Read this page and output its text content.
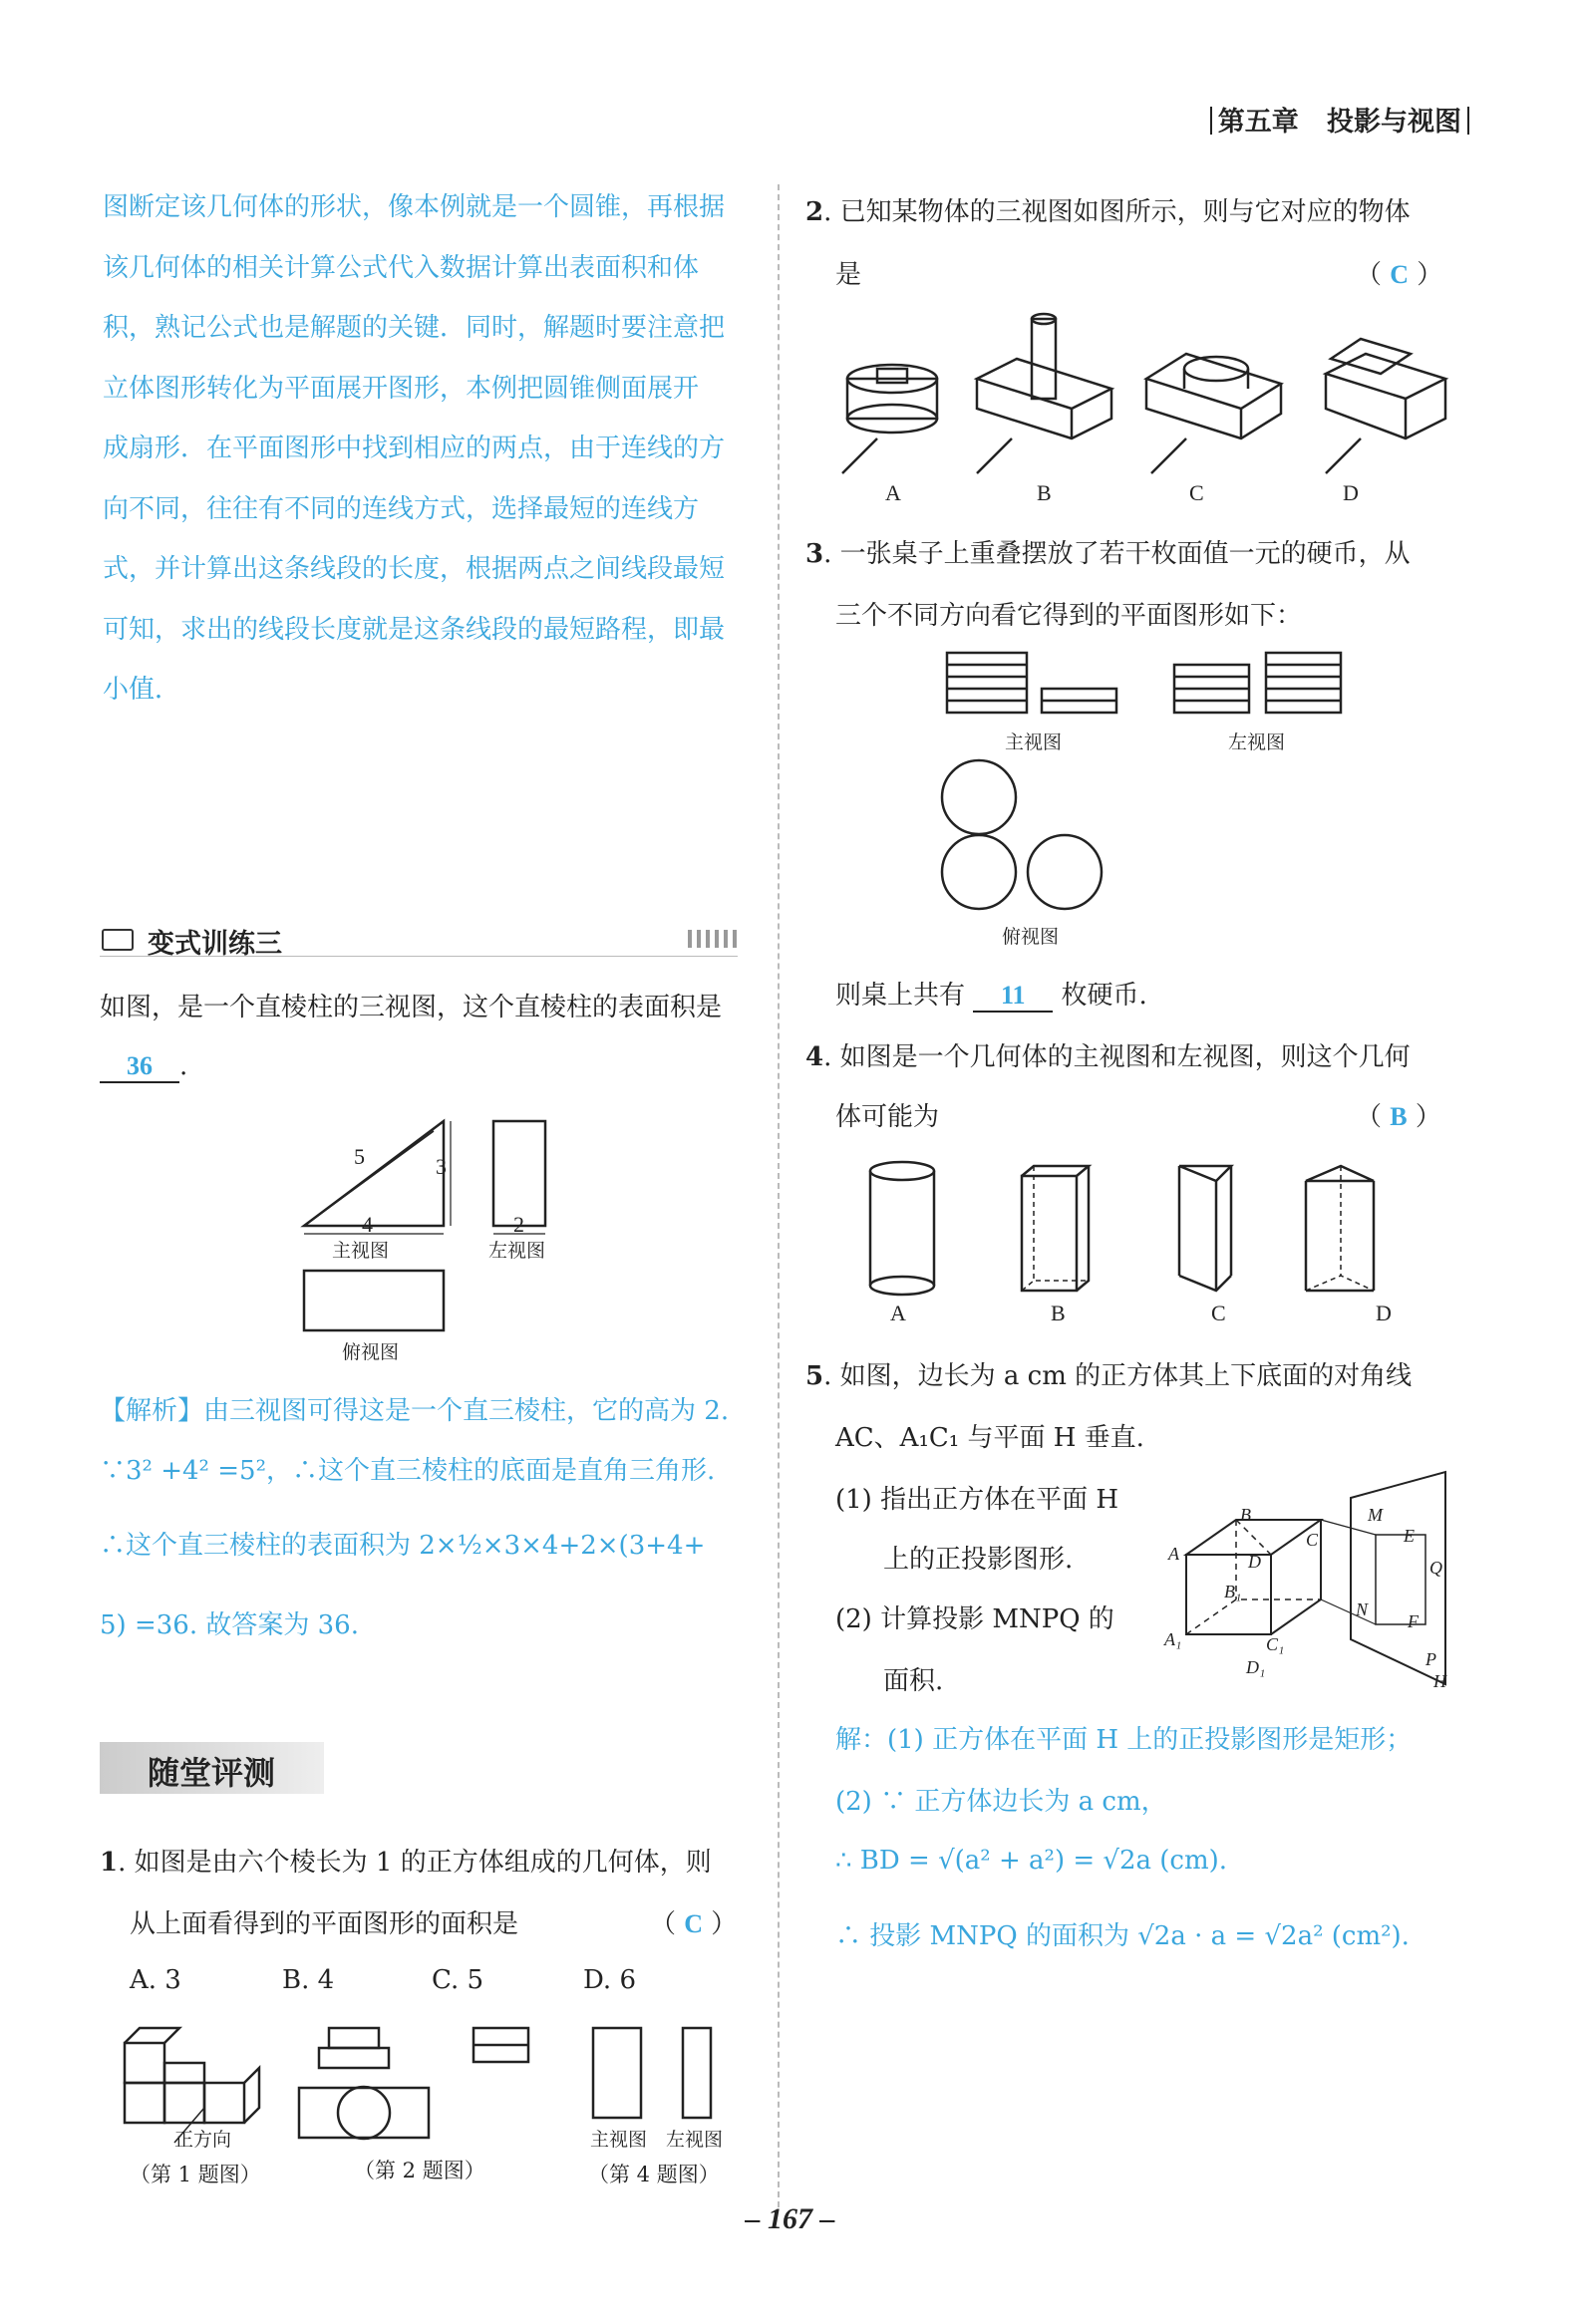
第五章 投影与视图
图断定该几何体的形状，像本例就是一个圆锥，再根据
该几何体的相关计算公式代入数据计算出表面积和体
积，熟记公式也是解题的关键．同时，解题时要注意把
立体图形转化为平面展开图形，本例把圆锥侧面展开
成扇形．在平面图形中找到相应的两点，由于连线的方
向不同，往往有不同的连线方式，选择最短的连线方
式，并计算出这条线段的长度，根据两点之间线段最短
可知，求出的线段长度就是这条线段的最短路程，即最
小值．
变式训练三
如图，是一个直棱柱的三视图，这个直棱柱的表面积是
36 .
5	3
4	2
主视图	左视图
俯视图
【解析】由三视图可得这是一个直三棱柱，它的高为 2.
∵3² +4² =5²，∴这个直三棱柱的底面是直角三角形.
∴这个直三棱柱的表面积为 2×½×3×4+2×(3+4+
5) =36. 故答案为 36.
随堂评测
1. 如图是由六个棱长为 1 的正方体组成的几何体，则
从上面看得到的平面图形的面积是	（ C ）
A. 3	B. 4	C. 5	D. 6
正方向
（第 1 题图）	（第 2 题图）
主视图 左视图
（第 4 题图）
2. 已知某物体的三视图如图所示，则与它对应的物体
是	（ C ）
A	B	C	D
3. 一张桌子上重叠摆放了若干枚面值一元的硬币，从
三个不同方向看它得到的平面图形如下：
主视图	左视图
俯视图
则桌上共有 11 枚硬币.
4. 如图是一个几何体的主视图和左视图，则这个几何
体可能为	（ B ）
A	B	C	D
5. 如图，边长为 a cm 的正方体其上下底面的对角线
AC、A₁C₁ 与平面 H 垂直.
(1) 指出正方体在平面 H
上的正投影图形.
(2) 计算投影 MNPQ 的
面积.
B
C
A	D
M
E
Q
B₁
N
F
A₁	C₁
D₁	P
H
解：(1) 正方体在平面 H 上的正投影图形是矩形；
(2) ∵ 正方体边长为 a cm，
∴ BD = √(a² + a²) = √2a (cm).
∴ 投影 MNPQ 的面积为 √2a · a = √2a² (cm²).
– 167 –
